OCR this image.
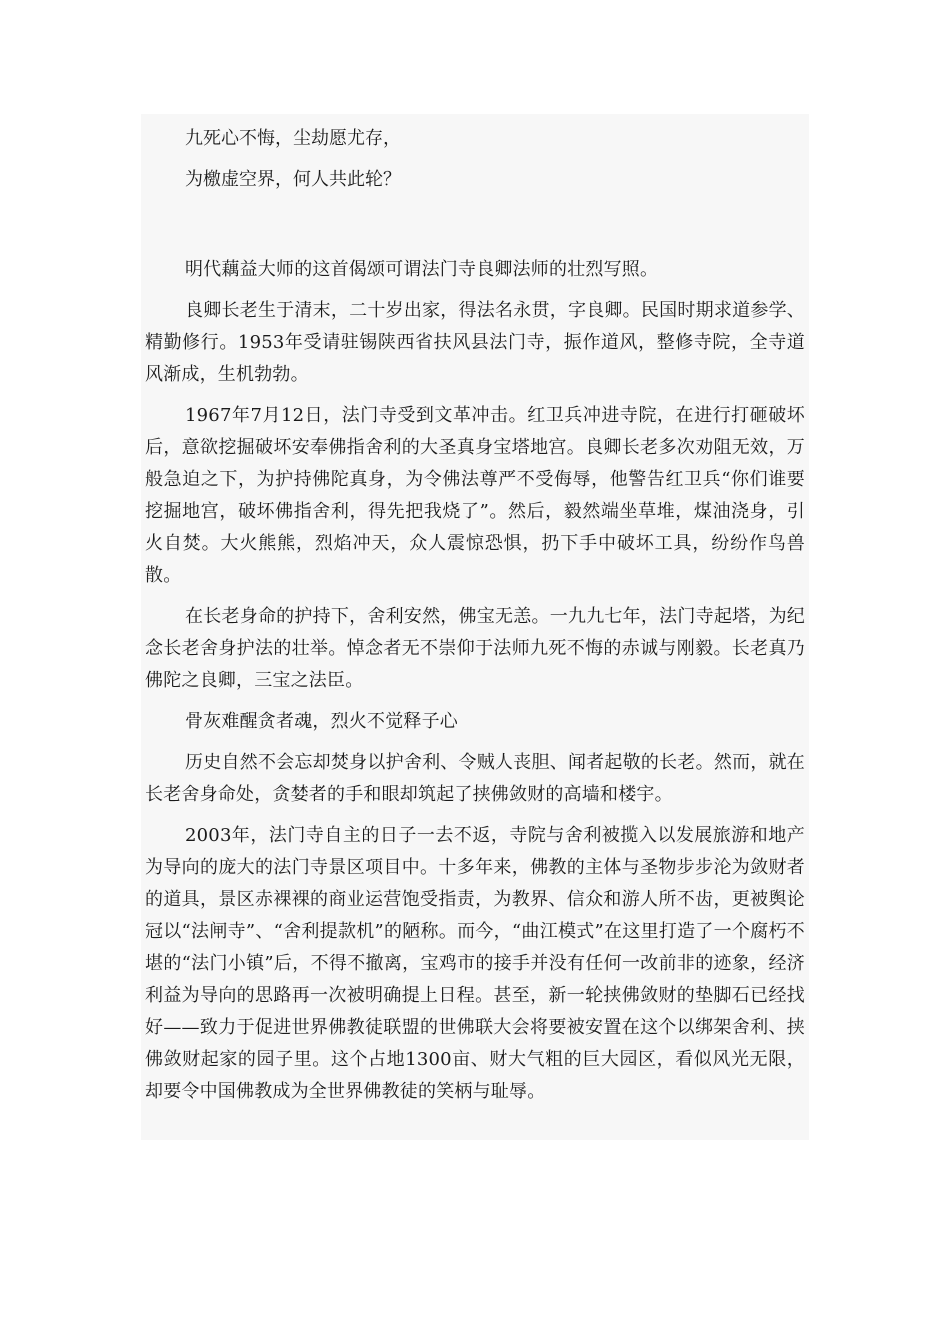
九死心不悔，尘劫愿尤存，

为檄虚空界，何人共此轮？

明代藕益大师的这首偈颂可谓法门寺良卿法师的壮烈写照。

良卿长老生于清末，二十岁出家，得法名永贯，字良卿。民国时期求道参学、精勤修行。1953年受请驻锡陕西省扶风县法门寺，振作道风，整修寺院，全寺道风渐成，生机勃勃。

1967年7月12日，法门寺受到文革冲击。红卫兵冲进寺院，在进行打砸破坏后，意欲挖掘破坏安奉佛指舍利的大圣真身宝塔地宫。良卿长老多次劝阻无效，万般急迫之下，为护持佛陀真身，为令佛法尊严不受侮辱，他警告红卫兵“你们谁要挖掘地宫，破坏佛指舍利，得先把我烧了”。然后，毅然端坐草堆，煤油浇身，引火自焚。大火熊熊，烈焰冲天，众人震惊恐惧，扔下手中破坏工具，纷纷作鸟兽散。

在长老身命的护持下，舍利安然，佛宝无恙。一九九七年，法门寺起塔，为纪念长老舍身护法的壮举。悼念者无不崇仰于法师九死不悔的赤诚与刚毅。长老真乃佛陀之良卿，三宝之法臣。

骨灰难醒贪者魂，烈火不觉释子心

历史自然不会忘却焚身以护舍利、令贼人丧胆、闻者起敬的长老。然而，就在长老舍身命处，贪婪者的手和眼却筑起了挟佛敛财的高墙和楼宇。

2003年，法门寺自主的日子一去不返，寺院与舍利被揽入以发展旅游和地产为导向的庞大的法门寺景区项目中。十多年来，佛教的主体与圣物步步沦为敛财者的道具，景区赤裸裸的商业运营饱受指责，为教界、信众和游人所不齿，更被舆论冠以“法闸寺”、“舍利提款机”的陋称。而今，“曲江模式”在这里打造了一个腐朽不堪的“法门小镇”后，不得不撤离，宝鸡市的接手并没有任何一改前非的迹象，经济利益为导向的思路再一次被明确提上日程。甚至，新一轮挟佛敛财的垫脚石已经找好——致力于促进世界佛教徒联盟的世佛联大会将要被安置在这个以绑架舍利、挟佛敛财起家的园子里。这个占地1300亩、财大气粗的巨大园区，看似风光无限，却要令中国佛教成为全世界佛教徒的笑柄与耻辱。
